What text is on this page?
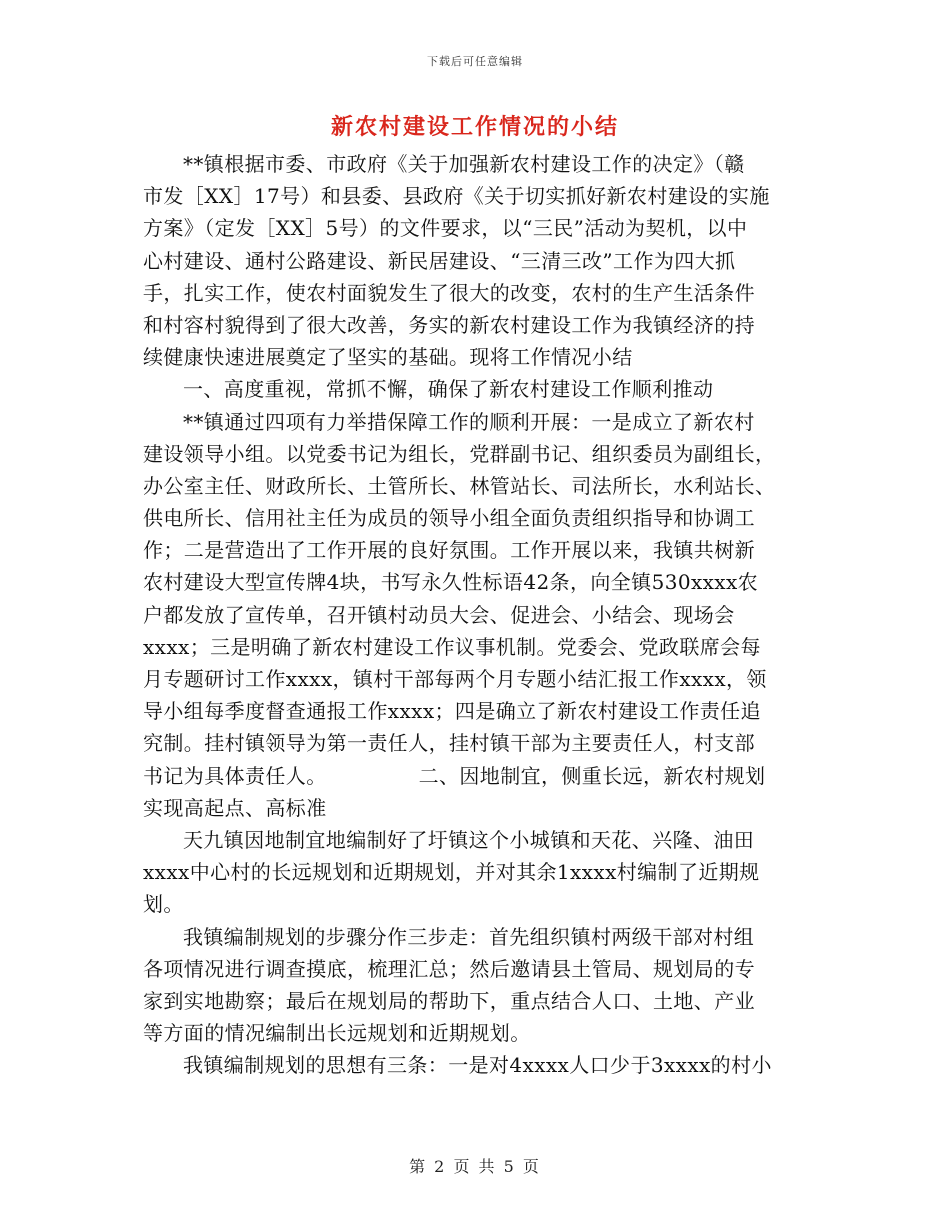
下载后可任意编辑
新农村建设工作情况的小结
**镇根据市委、市政府《关于加强新农村建设工作的决定》（赣
市发［XX］17号）和县委、县政府《关于切实抓好新农村建设的实施
方案》（定发［XX］5号）的文件要求，以“三民”活动为契机，以中
心村建设、通村公路建设、新民居建设、“三清三改”工作为四大抓
手，扎实工作，使农村面貌发生了很大的改变，农村的生产生活条件
和村容村貌得到了很大改善，务实的新农村建设工作为我镇经济的持
续健康快速进展奠定了坚实的基础。现将工作情况小结
一、高度重视，常抓不懈，确保了新农村建设工作顺利推动
**镇通过四项有力举措保障工作的顺利开展：一是成立了新农村
建设领导小组。以党委书记为组长，党群副书记、组织委员为副组长，
办公室主任、财政所长、土管所长、林管站长、司法所长，水利站长、
供电所长、信用社主任为成员的领导小组全面负责组织指导和协调工
作；二是营造出了工作开展的良好氛围。工作开展以来，我镇共树新
农村建设大型宣传牌4块，书写永久性标语42条，向全镇530xxxx农
户都发放了宣传单，召开镇村动员大会、促进会、小结会、现场会
xxxx；三是明确了新农村建设工作议事机制。党委会、党政联席会每
月专题研讨工作xxxx，镇村干部每两个月专题小结汇报工作xxxx，领
导小组每季度督查通报工作xxxx；四是确立了新农村建设工作责任追
究制。挂村镇领导为第一责任人，挂村镇干部为主要责任人，村支部
书记为具体责任人。　　　　　二、因地制宜，侧重长远，新农村规划
实现高起点、高标准
天九镇因地制宜地编制好了圩镇这个小城镇和天花、兴隆、油田
xxxx中心村的长远规划和近期规划，并对其余1xxxx村编制了近期规
划。
我镇编制规划的步骤分作三步走：首先组织镇村两级干部对村组
各项情况进行调查摸底，梳理汇总；然后邀请县土管局、规划局的专
家到实地勘察；最后在规划局的帮助下，重点结合人口、土地、产业
等方面的情况编制出长远规划和近期规划。
我镇编制规划的思想有三条：一是对4xxxx人口少于3xxxx的村小
第 2 页 共 5 页
